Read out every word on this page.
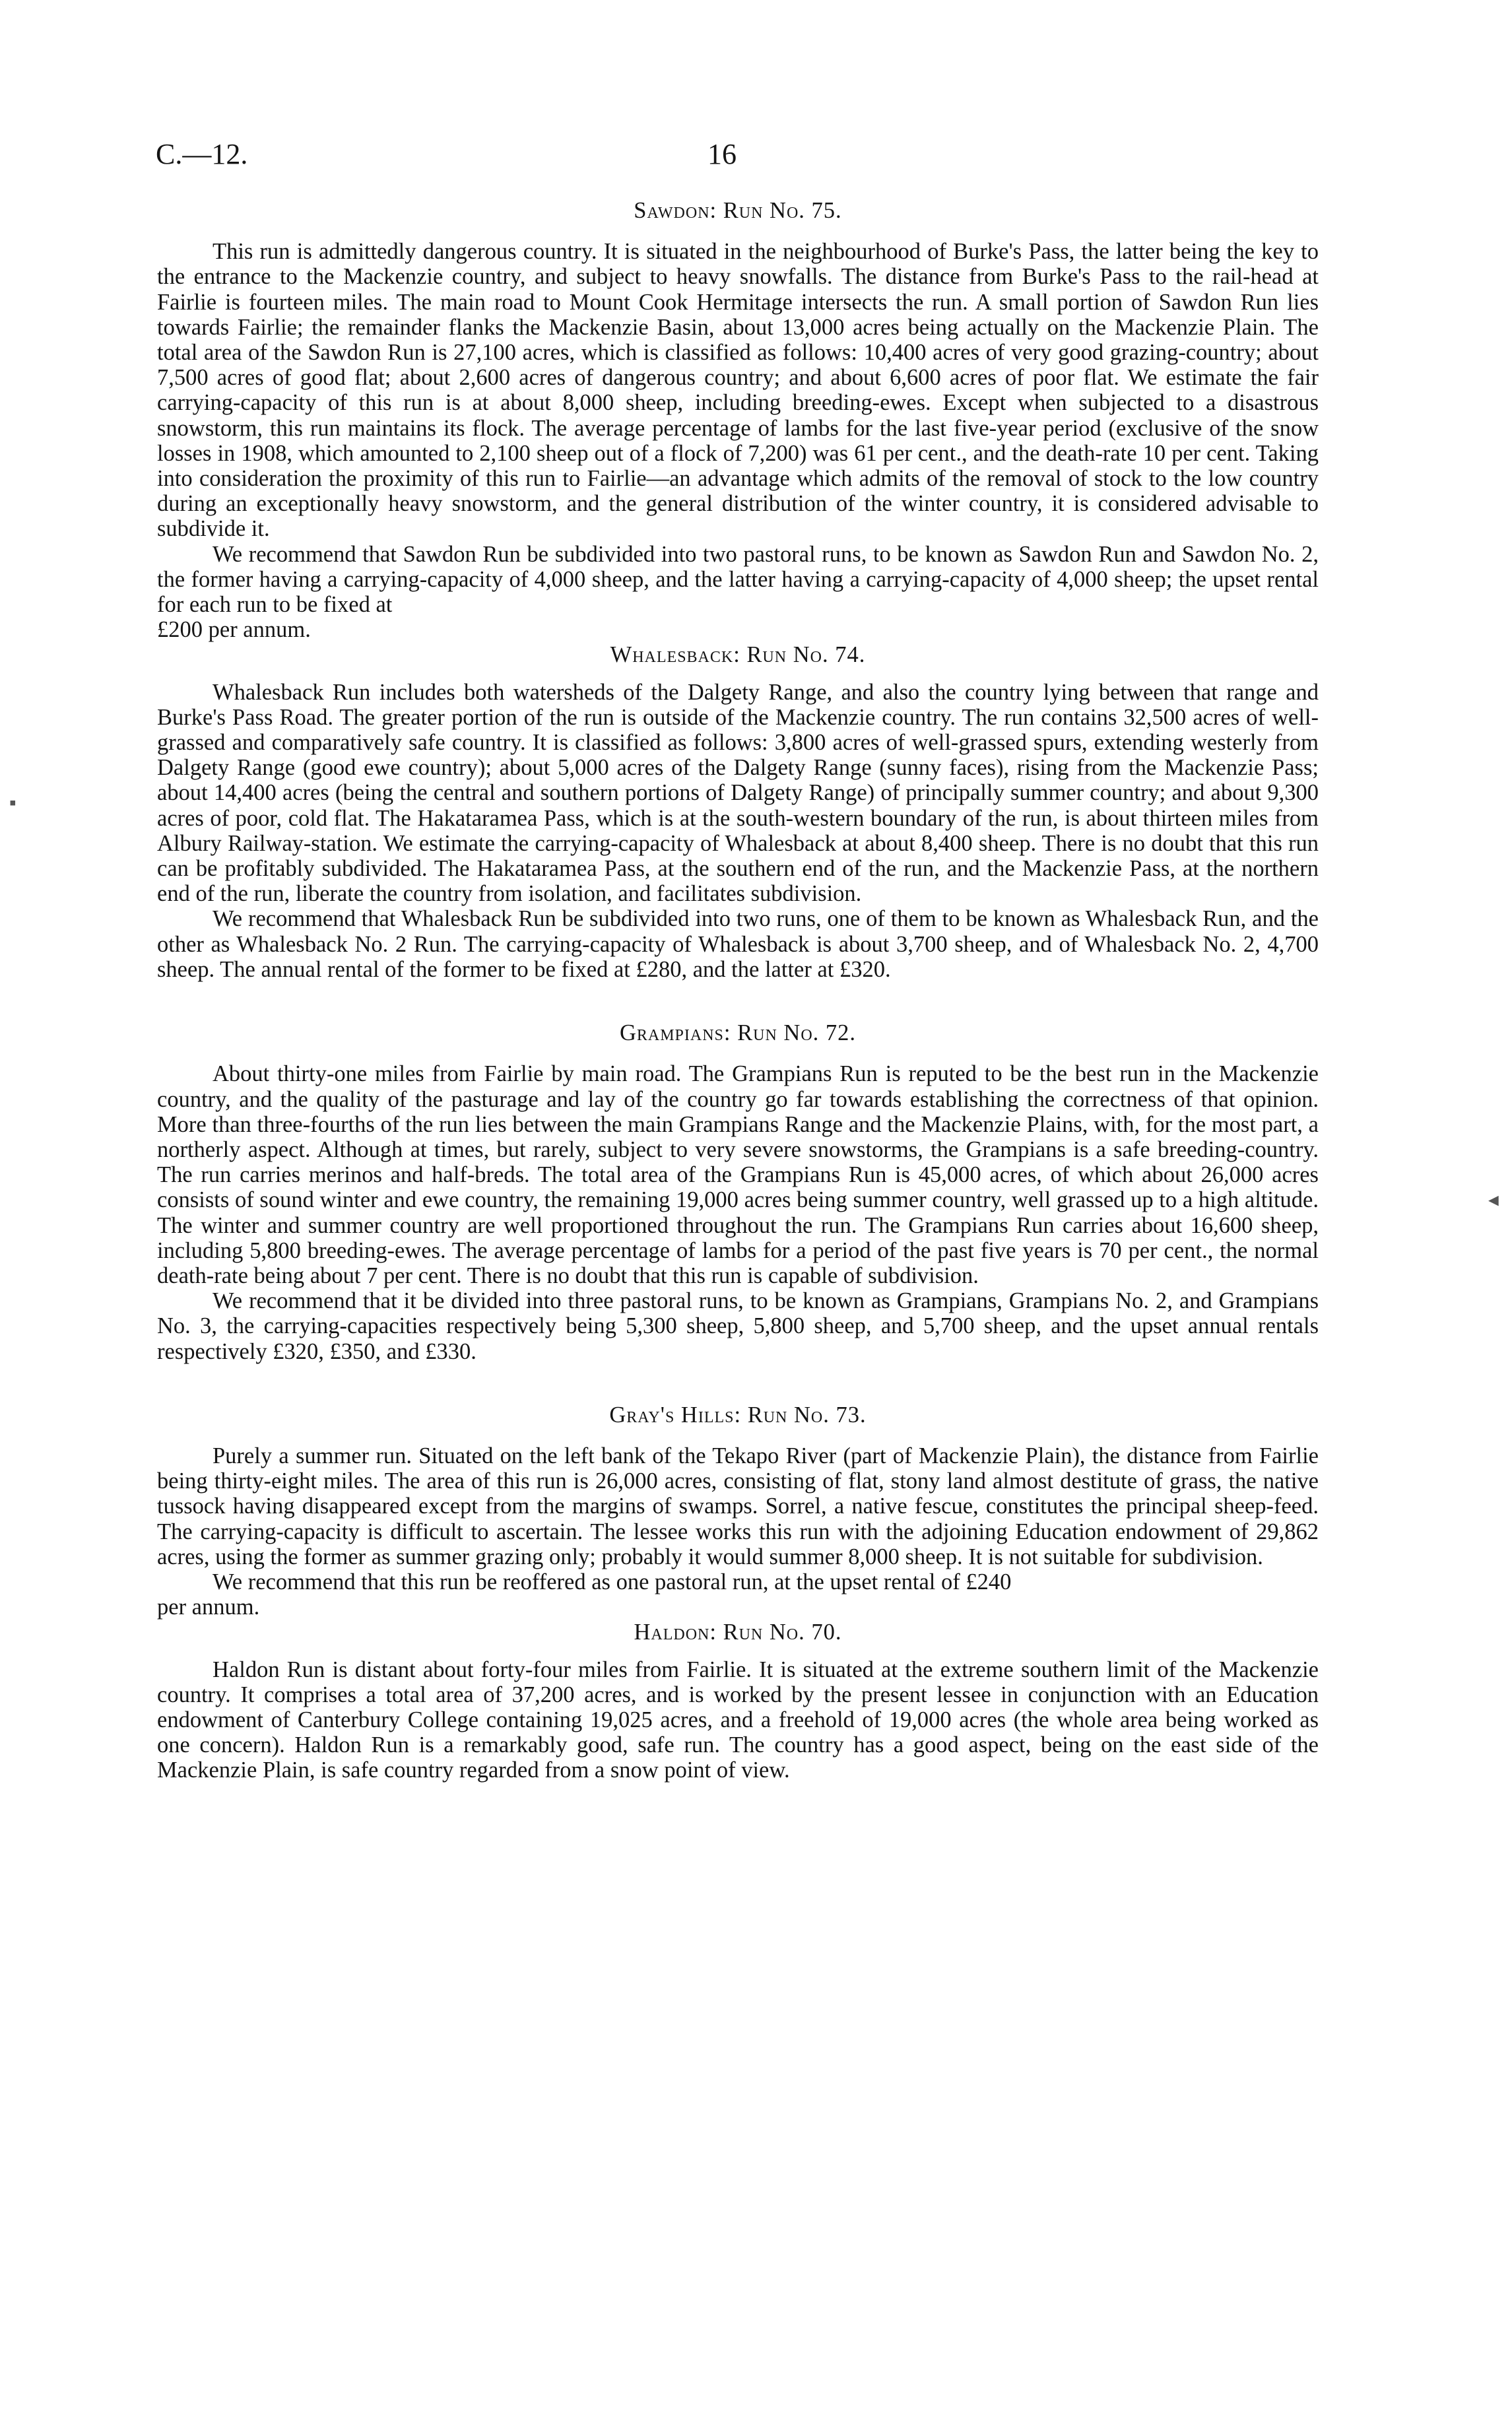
C.—12.	16
Sawdon: Run No. 75.

This run is admittedly dangerous country. It is situated in the neighbourhood of Burke's Pass, the latter being the key to the entrance to the Mackenzie country, and subject to heavy snowfalls. The distance from Burke's Pass to the rail-head at Fairlie is fourteen miles. The main road to Mount Cook Hermitage intersects the run. A small portion of Sawdon Run lies towards Fairlie; the remainder flanks the Mackenzie Basin, about 13,000 acres being actually on the Mackenzie Plain. The total area of the Sawdon Run is 27,100 acres, which is classified as follows: 10,400 acres of very good grazing-country; about 7,500 acres of good flat; about 2,600 acres of dangerous country; and about 6,600 acres of poor flat. We estimate the fair carrying-capacity of this run is at about 8,000 sheep, including breeding-ewes. Except when subjected to a disastrous snowstorm, this run maintains its flock. The average percentage of lambs for the last five-year period (exclusive of the snow losses in 1908, which amounted to 2,100 sheep out of a flock of 7,200) was 61 per cent., and the death-rate 10 per cent. Taking into consideration the proximity of this run to Fairlie—an advantage which admits of the removal of stock to the low country during an exceptionally heavy snowstorm, and the general distribution of the winter country, it is considered advisable to subdivide it.

We recommend that Sawdon Run be subdivided into two pastoral runs, to be known as Sawdon Run and Sawdon No. 2, the former having a carrying-capacity of 4,000 sheep, and the latter having a carrying-capacity of 4,000 sheep; the upset rental for each run to be fixed at

£200 per annum.

Whalesback: Run No. 74.

Whalesback Run includes both watersheds of the Dalgety Range, and also the country lying between that range and Burke's Pass Road. The greater portion of the run is outside of the Mackenzie country. The run contains 32,500 acres of well-grassed and comparatively safe country. It is classified as follows: 3,800 acres of well-grassed spurs, extending westerly from Dalgety Range (good ewe country); about 5,000 acres of the Dalgety Range (sunny faces), rising from the Mackenzie Pass; about 14,400 acres (being the central and southern portions of Dalgety Range) of principally summer country; and about 9,300 acres of poor, cold flat. The Hakataramea Pass, which is at the south-western boundary of the run, is about thirteen miles from Albury Railway-station. We estimate the carrying-capacity of Whalesback at about 8,400 sheep. There is no doubt that this run can be profitably subdivided. The Hakataramea Pass, at the southern end of the run, and the Mackenzie Pass, at the northern end of the run, liberate the country from isolation, and facilitates subdivision.

We recommend that Whalesback Run be subdivided into two runs, one of them to be known as Whalesback Run, and the other as Whalesback No. 2 Run. The carrying-capacity of Whalesback is about 3,700 sheep, and of Whalesback No. 2, 4,700 sheep. The annual rental of the former to be fixed at £280, and the latter at £320.

Grampians: Run No. 72.

About thirty-one miles from Fairlie by main road. The Grampians Run is reputed to be the best run in the Mackenzie country, and the quality of the pasturage and lay of the country go far towards establishing the correctness of that opinion. More than three-fourths of the run lies between the main Grampians Range and the Mackenzie Plains, with, for the most part, a northerly aspect. Although at times, but rarely, subject to very severe snowstorms, the Grampians is a safe breeding-country. The run carries merinos and half-breds. The total area of the Grampians Run is 45,000 acres, of which about 26,000 acres consists of sound winter and ewe country, the remaining 19,000 acres being summer country, well grassed up to a high altitude. The winter and summer country are well proportioned throughout the run. The Grampians Run carries about 16,600 sheep, including 5,800 breeding-ewes. The average percentage of lambs for a period of the past five years is 70 per cent., the normal death-rate being about 7 per cent. There is no doubt that this run is capable of subdivision.

We recommend that it be divided into three pastoral runs, to be known as Grampians, Grampians No. 2, and Grampians No. 3, the carrying-capacities respectively being 5,300 sheep, 5,800 sheep, and 5,700 sheep, and the upset annual rentals respectively £320, £350, and £330.

Gray's Hills: Run No. 73.

Purely a summer run. Situated on the left bank of the Tekapo River (part of Mackenzie Plain), the distance from Fairlie being thirty-eight miles. The area of this run is 26,000 acres, consisting of flat, stony land almost destitute of grass, the native tussock having disappeared except from the margins of swamps. Sorrel, a native fescue, constitutes the principal sheep-feed. The carrying-capacity is difficult to ascertain. The lessee works this run with the adjoining Education endowment of 29,862 acres, using the former as summer grazing only; probably it would summer 8,000 sheep. It is not suitable for subdivision.

We recommend that this run be reoffered as one pastoral run, at the upset rental of £240

per annum.

Haldon: Run No. 70.

Haldon Run is distant about forty-four miles from Fairlie. It is situated at the extreme southern limit of the Mackenzie country. It comprises a total area of 37,200 acres, and is worked by the present lessee in conjunction with an Education endowment of Canterbury College containing 19,025 acres, and a freehold of 19,000 acres (the whole area being worked as one concern). Haldon Run is a remarkably good, safe run. The country has a good aspect, being on the east side of the Mackenzie Plain, is safe country regarded from a snow point of view.

▪
◄
